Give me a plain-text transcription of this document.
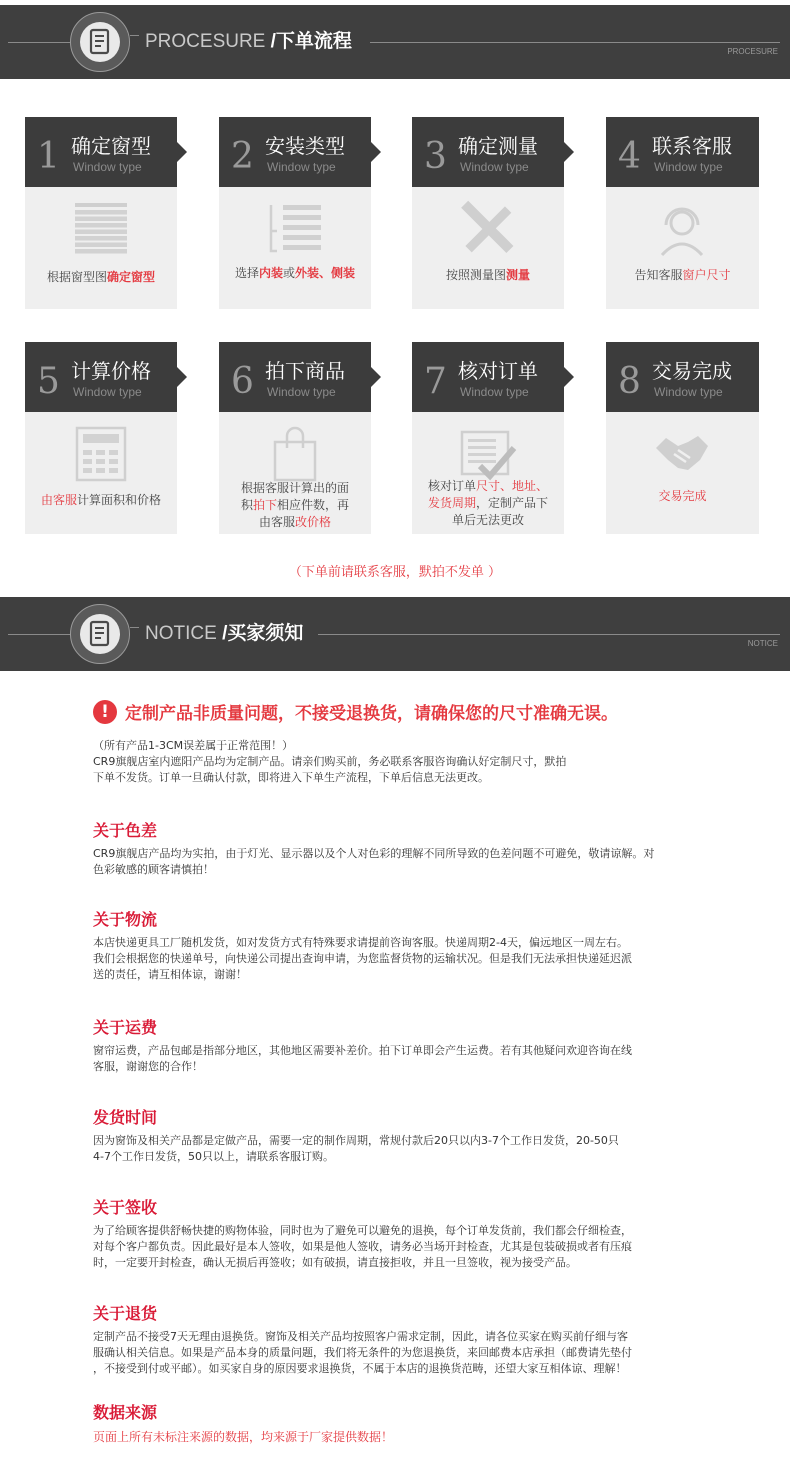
PROCESURE /下单流程	PROCESURE
1 确定窗型
Window type
根据窗型图确定窗型
2 安装类型
Window type
选择内装或外装、侧装
3 确定测量
Window type
按照测量图测量
4 联系客服
Window type
告知客服窗户尺寸
5 计算价格
Window type
由客服计算面积和价格
6 拍下商品
Window type
根据客服计算出的面
积拍下相应件数，再
由客服改价格
7 核对订单
Window type
核对订单尺寸、地址、
发货周期，定制产品下
单后无法更改
8 交易完成
Window type
交易完成
（下单前请联系客服，默拍不发单 ）
NOTICE /买家须知	NOTICE
! 定制产品非质量问题，不接受退换货，请确保您的尺寸准确无误。
（所有产品1-3CM误差属于正常范围！）
CR9旗舰店室内遮阳产品均为定制产品。请亲们购买前，务必联系客服咨询确认好定制尺寸，默拍
下单不发货。订单一旦确认付款，即将进入下单生产流程，下单后信息无法更改。
关于色差
CR9旗舰店产品均为实拍，由于灯光、显示器以及个人对色彩的理解不同所导致的色差问题不可避免，敬请谅解。对
色彩敏感的顾客请慎拍！
关于物流
本店快递更具工厂随机发货，如对发货方式有特殊要求请提前咨询客服。快递周期2-4天，偏远地区一周左右。
我们会根据您的快递单号，向快递公司提出查询申请，为您监督货物的运输状况。但是我们无法承担快递延迟派
送的责任，请互相体谅，谢谢！
关于运费
窗帘运费，产品包邮是指部分地区，其他地区需要补差价。拍下订单即会产生运费。若有其他疑问欢迎咨询在线
客服，谢谢您的合作！
发货时间
因为窗饰及相关产品都是定做产品，需要一定的制作周期，常规付款后20只以内3-7个工作日发货，20-50只
4-7个工作日发货，50只以上，请联系客服订购。
关于签收
为了给顾客提供舒畅快捷的购物体验，同时也为了避免可以避免的退换，每个订单发货前，我们都会仔细检查，
对每个客户都负责。因此最好是本人签收，如果是他人签收，请务必当场开封检查，尤其是包装破损或者有压痕
时，一定要开封检查，确认无损后再签收；如有破损，请直接拒收，并且一旦签收，视为接受产品。
关于退货
定制产品不接受7天无理由退换货。窗饰及相关产品均按照客户需求定制，因此，请各位买家在购买前仔细与客
服确认相关信息。如果是产品本身的质量问题，我们将无条件的为您退换货，来回邮费本店承担（邮费请先垫付
，不接受到付或平邮）。如买家自身的原因要求退换货，不属于本店的退换货范畴，还望大家互相体谅、理解！
数据来源
页面上所有未标注来源的数据，均来源于厂家提供数据！
